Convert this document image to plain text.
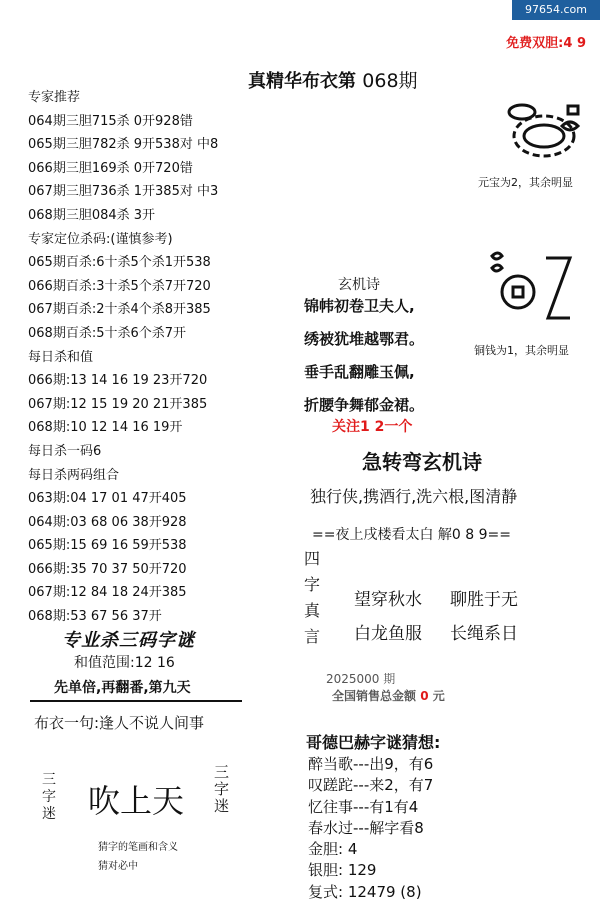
97654.com
免费双胆:4 9
真精华布衣第 068期
专家推荐
064期三胆715杀 0开928错
065期三胆782杀 9开538对 中8
066期三胆169杀 0开720错
067期三胆736杀 1开385对 中3
068期三胆084杀 3开
专家定位杀码:(谨慎参考)
065期百杀:6十杀5个杀1开538
066期百杀:3十杀5个杀7开720
067期百杀:2十杀4个杀8开385
068期百杀:5十杀6个杀7开
每日杀和值
066期:13 14 16 19 23开720
067期:12 15 19 20 21开385
068期:10 12 14 16 19开
每日杀一码6
每日杀两码组合
063期:04 17 01 47开405
064期:03 68 06 38开928
065期:15 69 16 59开538
066期:35 70 37 50开720
067期:12 84 18 24开385
068期:53 67 56 37开
专业杀三码字谜
和值范围:12 16
先单倍,再翻番,第九天
布衣一句:逢人不说人间事
三
字
迷 吹上天
三
字
迷
猜字的笔画和含义
猜对必中
元宝为2，其余明显
铜钱为1，其余明显
玄机诗
锦帏初卷卫夫人,
绣被犹堆越鄂君。
垂手乱翻雕玉佩,
折腰争舞郁金裙。
关注1 2一个
急转弯玄机诗
独行侠,携酒行,洗六根,图清静
==夜上戌楼看太白 解0 8 9==
四
字
真
言
望穿秋水 聊胜于无
白龙鱼服 长绳系日
2025000 期
全国销售总金额 0 元
哥德巴赫字谜猜想:
醉当歌---出9，有6
叹蹉跎---来2，有7
忆往事---有1有4
春水过---解字看8
金胆: 4
银胆: 129
复式: 12479 (8)
